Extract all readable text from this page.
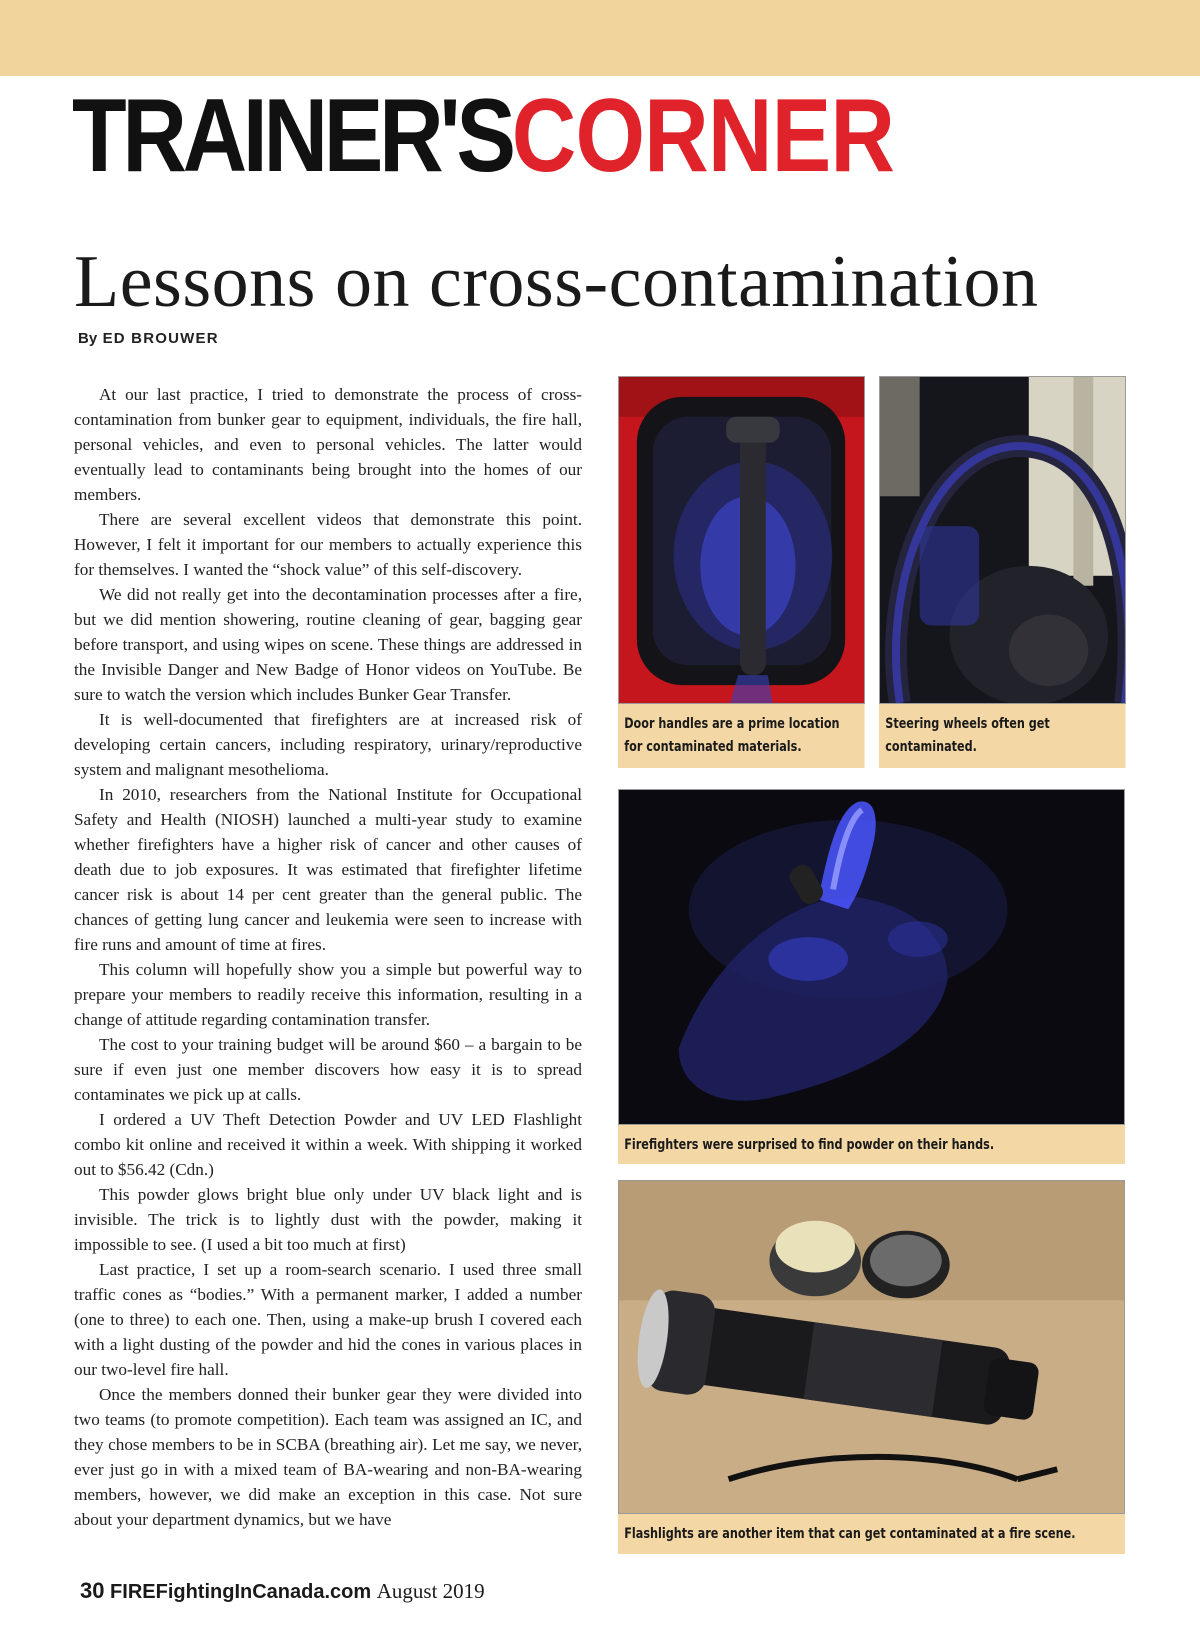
TRAINER'SCORNER
Lessons on cross-contamination
By ED BROUWER

At our last practice, I tried to demonstrate the process of cross-contamination from bunker gear to equipment, individuals, the fire hall, personal vehicles, and even to personal vehicles. The latter would eventually lead to contaminants being brought into the homes of our members.

There are several excellent videos that demonstrate this point. However, I felt it important for our members to actually experience this for themselves. I wanted the “shock value” of this self-discovery.

We did not really get into the decontamination processes after a fire, but we did mention showering, routine cleaning of gear, bagging gear before transport, and using wipes on scene. These things are addressed in the Invisible Danger and New Badge of Honor videos on YouTube. Be sure to watch the version which includes Bunker Gear Transfer.

It is well-documented that firefighters are at increased risk of developing certain cancers, including respiratory, urinary/reproductive system and malignant mesothelioma.

In 2010, researchers from the National Institute for Occupational Safety and Health (NIOSH) launched a multi-year study to examine whether firefighters have a higher risk of cancer and other causes of death due to job exposures. It was estimated that firefighter lifetime cancer risk is about 14 per cent greater than the general public. The chances of getting lung cancer and leukemia were seen to increase with fire runs and amount of time at fires.

This column will hopefully show you a simple but powerful way to prepare your members to readily receive this information, resulting in a change of attitude regarding contamination transfer.

The cost to your training budget will be around $60 – a bargain to be sure if even just one member discovers how easy it is to spread contaminates we pick up at calls.

I ordered a UV Theft Detection Powder and UV LED Flashlight combo kit online and received it within a week. With shipping it worked out to $56.42 (Cdn.)

This powder glows bright blue only under UV black light and is invisible. The trick is to lightly dust with the powder, making it impossible to see. (I used a bit too much at first)

Last practice, I set up a room-search scenario. I used three small traffic cones as “bodies.” With a permanent marker, I added a number (one to three) to each one. Then, using a make-up brush I covered each with a light dusting of the powder and hid the cones in various places in our two-level fire hall.

Once the members donned their bunker gear they were divided into two teams (to promote competition). Each team was assigned an IC, and they chose members to be in SCBA (breathing air). Let me say, we never, ever just go in with a mixed team of BA-wearing and non-BA-wearing members, however, we did make an exception in this case. Not sure about your department dynamics, but we have

Door handles are a prime location for contaminated materials.
Steering wheels often get contaminated.
Firefighters were surprised to find powder on their hands.
Flashlights are another item that can get contaminated at a fire scene.
30 FIREFightingInCanada.com August 2019
